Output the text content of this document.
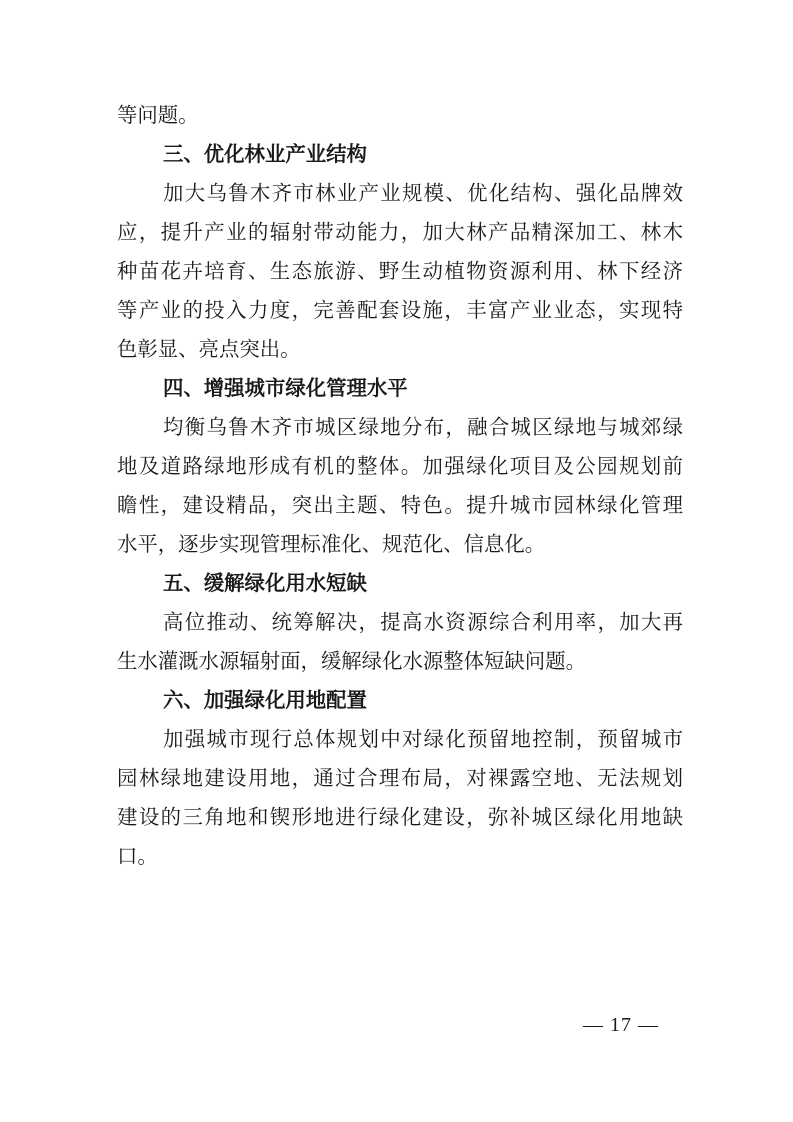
等问题。

三、优化林业产业结构

加大乌鲁木齐市林业产业规模、优化结构、强化品牌效

应，提升产业的辐射带动能力，加大林产品精深加工、林木

种苗花卉培育、生态旅游、野生动植物资源利用、林下经济

等产业的投入力度，完善配套设施，丰富产业业态，实现特

色彰显、亮点突出。

四、增强城市绿化管理水平

均衡乌鲁木齐市城区绿地分布，融合城区绿地与城郊绿

地及道路绿地形成有机的整体。加强绿化项目及公园规划前

瞻性，建设精品，突出主题、特色。提升城市园林绿化管理

水平，逐步实现管理标准化、规范化、信息化。

五、缓解绿化用水短缺

高位推动、统筹解决，提高水资源综合利用率，加大再

生水灌溉水源辐射面，缓解绿化水源整体短缺问题。

六、加强绿化用地配置

加强城市现行总体规划中对绿化预留地控制，预留城市

园林绿地建设用地，通过合理布局，对裸露空地、无法规划

建设的三角地和锲形地进行绿化建设，弥补城区绿化用地缺

口。

— 17 —
